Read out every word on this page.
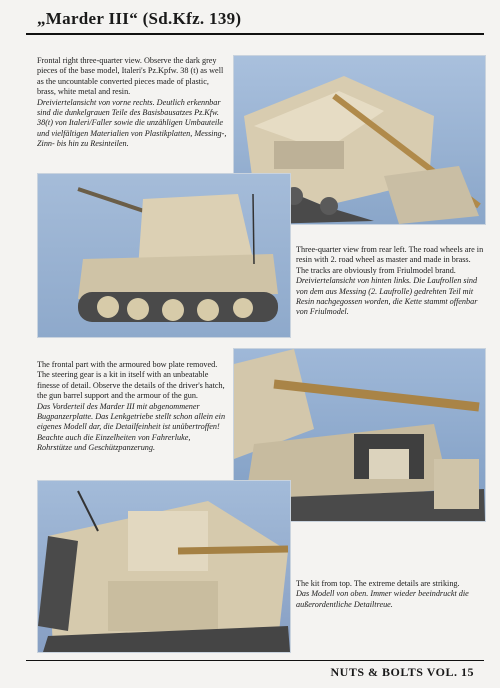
„Marder III“ (Sd.Kfz. 139)

Frontal right three-quarter view. Observe the dark grey pieces of the base model, Italeri's Pz.Kpfw. 38 (t) as well as the uncountable converted pieces made of plastic, brass, white metal and resin.

Dreiviertelansicht von vorne rechts. Deutlich erkennbar sind die dunkelgrauen Teile des Basisbausatzes Pz.Kfw. 38(t) von Italeri/Faller sowie die unzähligen Umbauteile und vielfältigen Materialien von Plastikplatten, Messing-, Zinn- bis hin zu Resinteilen.

Three-quarter view from rear left. The road wheels are in resin with 2. road wheel as master and made in brass. The tracks are obviously from Friulmodel brand.

Dreiviertelansicht von hinten links. Die Laufrollen sind von dem aus Messing (2. Laufrolle) gedrehten Teil mit Resin nachgegossen worden, die Kette stammt offenbar von Friulmodel.

The frontal part with the armoured bow plate removed. The steering gear is a kit in itself with an unbeatable finesse of detail. Observe the details of the driver's hatch, the gun barrel support and the armour of the gun.

Das Vorderteil des Marder III mit abgenommener Bugpanzerplatte. Das Lenkgetriebe stellt schon allein ein eigenes Modell dar, die Detailfeinheit ist unübertroffen! Beachte auch die Einzelheiten von Fahrerluke, Rohrstütze und Geschützpanzerung.

The kit from top. The extreme details are striking.

Das Modell von oben. Immer wieder beeindruckt die außerordentliche Detailtreue.

NUTS & BOLTS VOL. 15
